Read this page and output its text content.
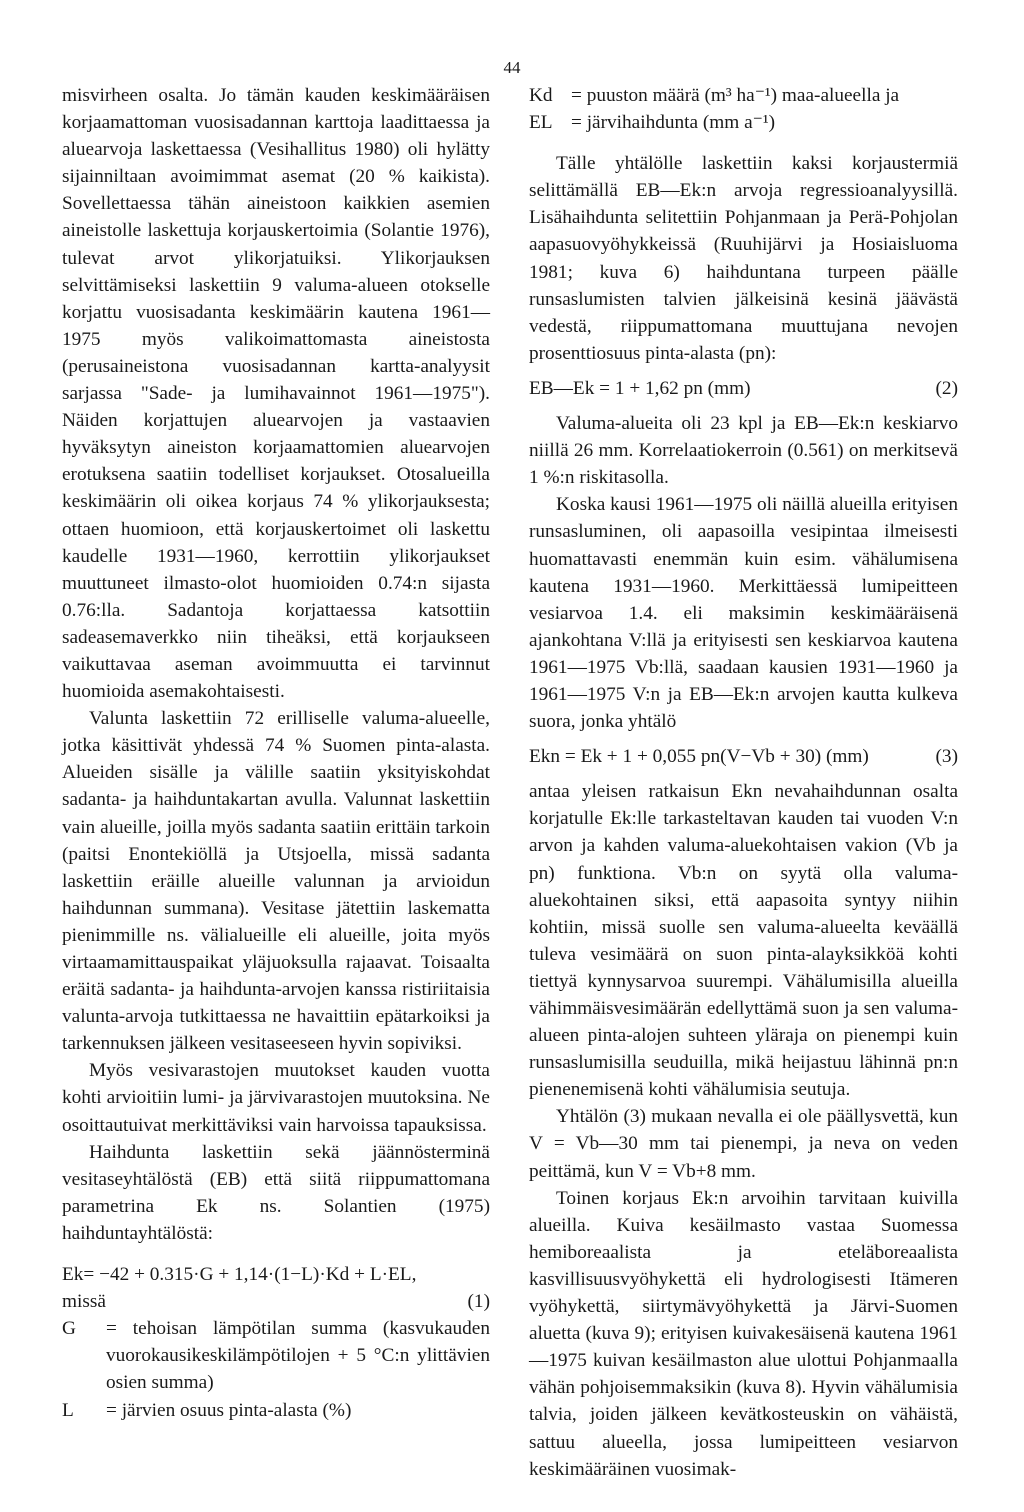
44

misvirheen osalta. Jo tämän kauden keskimääräisen korjaamattoman vuosisadannan karttoja laadittaessa ja aluearvoja laskettaessa (Vesihallitus 1980) oli hylätty sijainniltaan avoimimmat asemat (20 % kaikista). Sovellettaessa tähän aineistoon kaikkien asemien aineistolle laskettuja korjauskertoimia (Solantie 1976), tulevat arvot ylikorjatuiksi. Ylikorjauksen selvittämiseksi laskettiin 9 valuma-alueen otokselle korjattu vuosisadanta keskimäärin kautena 1961—1975 myös valikoimattomasta aineistosta (perusaineistona vuosisadannan kartta-analyysit sarjassa "Sade- ja lumihavainnot 1961—1975"). Näiden korjattujen aluearvojen ja vastaavien hyväksytyn aineiston korjaamattomien aluearvojen erotuksena saatiin todelliset korjaukset. Otosalueilla keskimäärin oli oikea korjaus 74 % ylikorjauksesta; ottaen huomioon, että korjauskertoimet oli laskettu kaudelle 1931—1960, kerrottiin ylikorjaukset muuttuneet ilmasto-olot huomioiden 0.74:n sijasta 0.76:lla. Sadantoja korjattaessa katsottiin sadeasemaverkko niin tiheäksi, että korjaukseen vaikuttavaa aseman avoimmuutta ei tarvinnut huomioida asemakohtaisesti.

Valunta laskettiin 72 erilliselle valuma-alueelle, jotka käsittivät yhdessä 74 % Suomen pinta-alasta. Alueiden sisälle ja välille saatiin yksityiskohdat sadanta- ja haihduntakartan avulla. Valunnat laskettiin vain alueille, joilla myös sadanta saatiin erittäin tarkoin (paitsi Enontekiöllä ja Utsjoella, missä sadanta laskettiin eräille alueille valunnan ja arvioidun haihdunnan summana). Vesitase jätettiin laskematta pienimmille ns. välialueille eli alueille, joita myös virtaamamittauspaikat yläjuoksulla rajaavat. Toisaalta eräitä sadanta- ja haihdunta-arvojen kanssa ristiriitaisia valunta-arvoja tutkittaessa ne havaittiin epätarkoiksi ja tarkennuksen jälkeen vesitaseeseen hyvin sopiviksi.

Myös vesivarastojen muutokset kauden vuotta kohti arvioitiin lumi- ja järvivarastojen muutoksina. Ne osoittautuivat merkittäviksi vain harvoissa tapauksissa.

Haihdunta laskettiin sekä jäännösterminä vesitaseyhtälöstä (EB) että siitä riippumattomana parametrina Ek ns. Solantien (1975) haihduntayhtälöstä:

Ek= −42 + 0.315·G + 1,14·(1−L)·Kd + L·EL,
missä	(1)
G	= tehoisan lämpötilan summa (kasvukauden vuorokausikeskilämpötilojen + 5 °C:n ylittävien osien summa)
L	= järvien osuus pinta-alasta (%)
Kd = puuston määrä (m³ ha⁻¹) maa-alueella ja
EL = järvihaihdunta (mm a⁻¹)

Tälle yhtälölle laskettiin kaksi korjaustermiä selittämällä EB—Ek:n arvoja regressioanalyysillä. Lisähaihdunta selitettiin Pohjanmaan ja Perä-Pohjolan aapasuovyöhykkeissä (Ruuhijärvi ja Hosiaisluoma 1981; kuva 6) haihduntana turpeen päälle runsaslumisten talvien jälkeisinä kesinä jäävästä vedestä, riippumattomana muuttujana nevojen prosenttiosuus pinta-alasta (pn):

EB—Ek = 1 + 1,62 pn (mm)	(2)

Valuma-alueita oli 23 kpl ja EB—Ek:n keskiarvo niillä 26 mm. Korrelaatiokerroin (0.561) on merkitsevä 1 %:n riskitasolla.

Koska kausi 1961—1975 oli näillä alueilla erityisen runsasluminen, oli aapasoilla vesipintaa ilmeisesti huomattavasti enemmän kuin esim. vähälumisena kautena 1931—1960. Merkittäessä lumipeitteen vesiarvoa 1.4. eli maksimin keskimääräisenä ajankohtana V:llä ja erityisesti sen keskiarvoa kautena 1961—1975 Vb:llä, saadaan kausien 1931—1960 ja 1961—1975 V:n ja EB—Ek:n arvojen kautta kulkeva suora, jonka yhtälö

Ekn = Ek + 1 + 0,055 pn(V−Vb + 30) (mm)	(3)

antaa yleisen ratkaisun Ekn nevahaihdunnan osalta korjatulle Ek:lle tarkasteltavan kauden tai vuoden V:n arvon ja kahden valuma-aluekohtaisen vakion (Vb ja pn) funktiona. Vb:n on syytä olla valuma-aluekohtainen siksi, että aapasoita syntyy niihin kohtiin, missä suolle sen valuma-alueelta keväällä tuleva vesimäärä on suon pinta-alayksikköä kohti tiettyä kynnysarvoa suurempi. Vähälumisilla alueilla vähimmäisvesimäärän edellyttämä suon ja sen valuma-alueen pinta-alojen suhteen yläraja on pienempi kuin runsaslumisilla seuduilla, mikä heijastuu lähinnä pn:n pienenemisenä kohti vähälumisia seutuja.

Yhtälön (3) mukaan nevalla ei ole päällysvettä, kun V = Vb—30 mm tai pienempi, ja neva on veden peittämä, kun V = Vb+8 mm.

Toinen korjaus Ek:n arvoihin tarvitaan kuivilla alueilla. Kuiva kesäilmasto vastaa Suomessa hemiboreaalista ja eteläboreaalista kasvillisuusvyöhykettä eli hydrologisesti Itämeren vyöhykettä, siirtymävyöhykettä ja Järvi-Suomen aluetta (kuva 9); erityisen kuivakesäisenä kautena 1961—1975 kuivan kesäilmaston alue ulottui Pohjanmaalla vähän pohjoisemmaksikin (kuva 8). Hyvin vähälumisia talvia, joiden jälkeen kevätkosteuskin on vähäistä, sattuu alueella, jossa lumipeitteen vesiarvon keskimääräinen vuosimak-
